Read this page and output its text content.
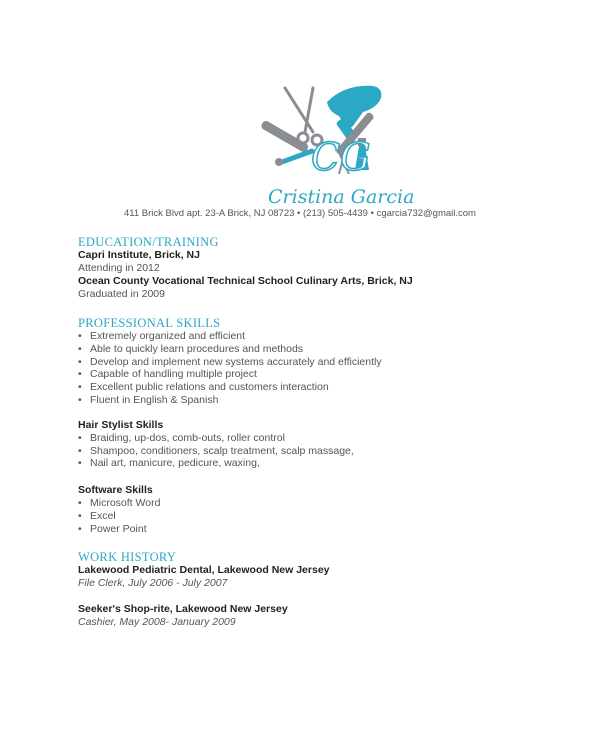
CG
Cristina Garcia
411 Brick Blvd apt. 23-A Brick, NJ 08723 • (213) 505-4439 • cgarcia732@gmail.com
EDUCATION/TRAINING
Capri Institute, Brick, NJ
Attending in 2012
Ocean County Vocational Technical School Culinary Arts, Brick, NJ
Graduated in 2009
PROFESSIONAL SKILLS
• Extremely organized and efficient
• Able to quickly learn procedures and methods
• Develop and implement new systems accurately and efficiently
• Capable of handling multiple project
• Excellent public relations and customers interaction
• Fluent in English & Spanish
Hair Stylist Skills
• Braiding, up-dos, comb-outs, roller control
• Shampoo, conditioners, scalp treatment, scalp massage,
• Nail art, manicure, pedicure, waxing,
Software Skills
• Microsoft Word
• Excel
• Power Point
WORK HISTORY
Lakewood Pediatric Dental, Lakewood New Jersey
File Clerk, July 2006 - July 2007
Seeker's Shop-rite, Lakewood New Jersey
Cashier, May 2008- January 2009
